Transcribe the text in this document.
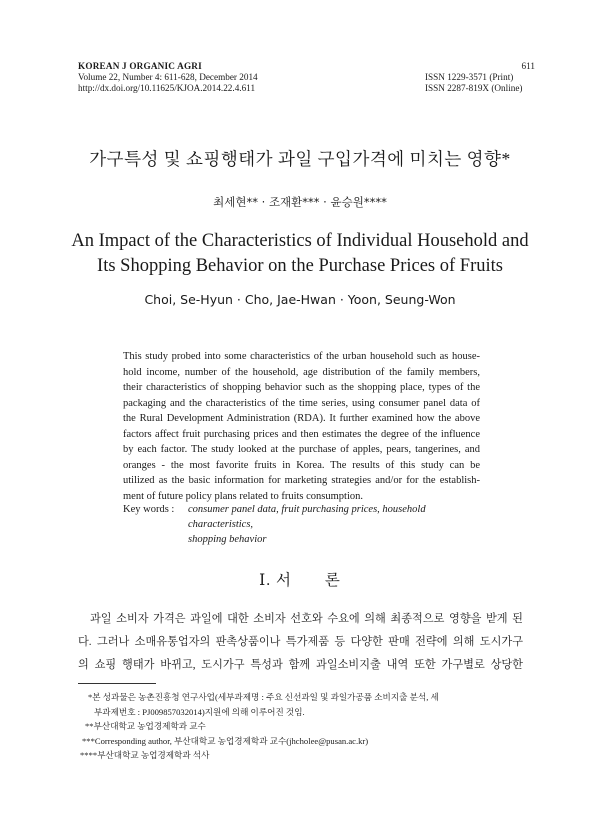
KOREAN J ORGANIC AGRI
Volume 22, Number 4: 611-628, December 2014
http://dx.doi.org/10.11625/KJOA.2014.22.4.611
611
ISSN 1229-3571 (Print)
ISSN 2287-819X (Online)
가구특성 및 쇼핑행태가 과일 구입가격에 미치는 영향*
최세현** · 조재환*** · 윤승원****
An Impact of the Characteristics of Individual Household and
Its Shopping Behavior on the Purchase Prices of Fruits
Choi, Se-Hyun · Cho, Jae-Hwan · Yoon, Seung-Won
This study probed into some characteristics of the urban household such as house-
hold income, number of the household, age distribution of the family members,
their characteristics of shopping behavior such as the shopping place, types of the
packaging and the characteristics of the time series, using consumer panel data of
the Rural Development Administration (RDA). It further examined how the above
factors affect fruit purchasing prices and then estimates the degree of the influence
by each factor. The study looked at the purchase of apples, pears, tangerines, and
oranges - the most favorite fruits in Korea. The results of this study can be
utilized as the basic information for marketing strategies and/or for the establish-
ment of future policy plans related to fruits consumption.
Key words : consumer panel data, fruit purchasing prices, household characteristics,
shopping behavior
Ⅰ. 서　　론
과일 소비자 가격은 과일에 대한 소비자 선호와 수요에 의해 최종적으로 영향을 받게 된
다. 그러나 소매유통업자의 판촉상품이나 특가제품 등 다양한 판매 전략에 의해 도시가구
의 쇼핑 행태가 바뀌고, 도시가구 특성과 함께 과일소비지출 내역 또한 가구별로 상당한
*본 성과물은 농촌진흥청 연구사업(세부과제명 : 주요 신선과일 및 과일가공품 소비지출 분석, 세
부과제번호 : PJ009857032014)지원에 의해 이루어진 것임.
**부산대학교 농업경제학과 교수
***Corresponding author, 부산대학교 농업경제학과 교수(jhcholee@pusan.ac.kr)
****부산대학교 농업경제학과 석사
